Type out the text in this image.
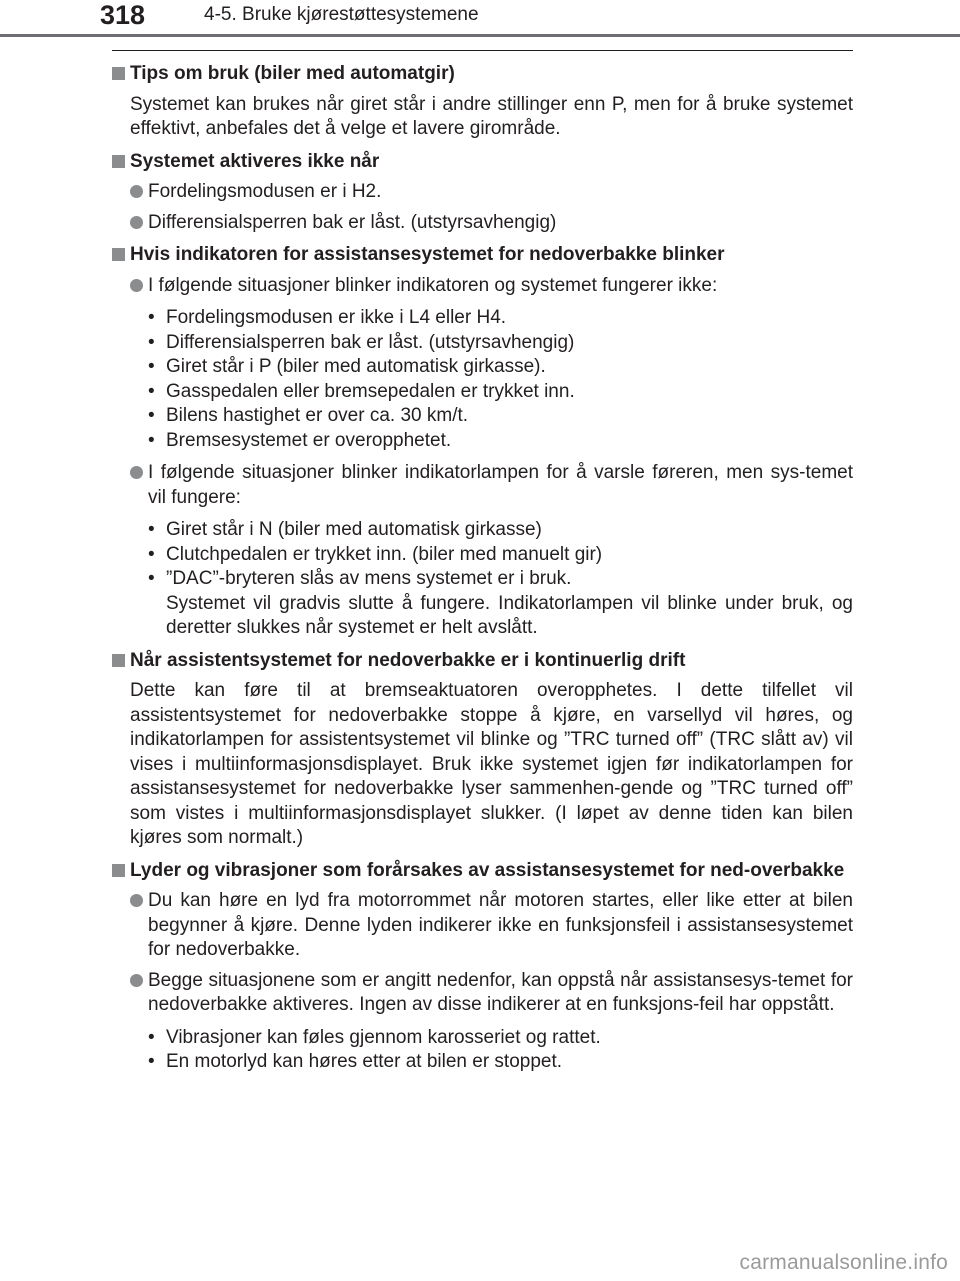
318	4-5. Bruke kjørestøttesystemene
Tips om bruk (biler med automatgir)
Systemet kan brukes når giret står i andre stillinger enn P, men for å bruke systemet effektivt, anbefales det å velge et lavere girområde.
Systemet aktiveres ikke når
Fordelingsmodusen er i H2.
Differensialsperren bak er låst. (utstyrsavhengig)
Hvis indikatoren for assistansesystemet for nedoverbakke blinker
I følgende situasjoner blinker indikatoren og systemet fungerer ikke:
• Fordelingsmodusen er ikke i L4 eller H4.
• Differensialsperren bak er låst. (utstyrsavhengig)
• Giret står i P (biler med automatisk girkasse).
• Gasspedalen eller bremsepedalen er trykket inn.
• Bilens hastighet er over ca. 30 km/t.
• Bremsesystemet er overopphetet.
I følgende situasjoner blinker indikatorlampen for å varsle føreren, men sys-temet vil fungere:
• Giret står i N (biler med automatisk girkasse)
• Clutchpedalen er trykket inn. (biler med manuelt gir)
• ”DAC”-bryteren slås av mens systemet er i bruk.
Systemet vil gradvis slutte å fungere. Indikatorlampen vil blinke under bruk, og deretter slukkes når systemet er helt avslått.
Når assistentsystemet for nedoverbakke er i kontinuerlig drift
Dette kan føre til at bremseaktuatoren overopphetes. I dette tilfellet vil assistentsystemet for nedoverbakke stoppe å kjøre, en varsellyd vil høres, og indikatorlampen for assistentsystemet vil blinke og ”TRC turned off” (TRC slått av) vil vises i multiinformasjonsdisplayet. Bruk ikke systemet igjen før indikatorlampen for assistansesystemet for nedoverbakke lyser sammenhen-gende og ”TRC turned off” som vistes i multiinformasjonsdisplayet slukker. (I løpet av denne tiden kan bilen kjøres som normalt.)
Lyder og vibrasjoner som forårsakes av assistansesystemet for ned-overbakke
Du kan høre en lyd fra motorrommet når motoren startes, eller like etter at bilen begynner å kjøre. Denne lyden indikerer ikke en funksjonsfeil i assistansesystemet for nedoverbakke.
Begge situasjonene som er angitt nedenfor, kan oppstå når assistansesys-temet for nedoverbakke aktiveres. Ingen av disse indikerer at en funksjons-feil har oppstått.
• Vibrasjoner kan føles gjennom karosseriet og rattet.
• En motorlyd kan høres etter at bilen er stoppet.
carmanualsonline.info
